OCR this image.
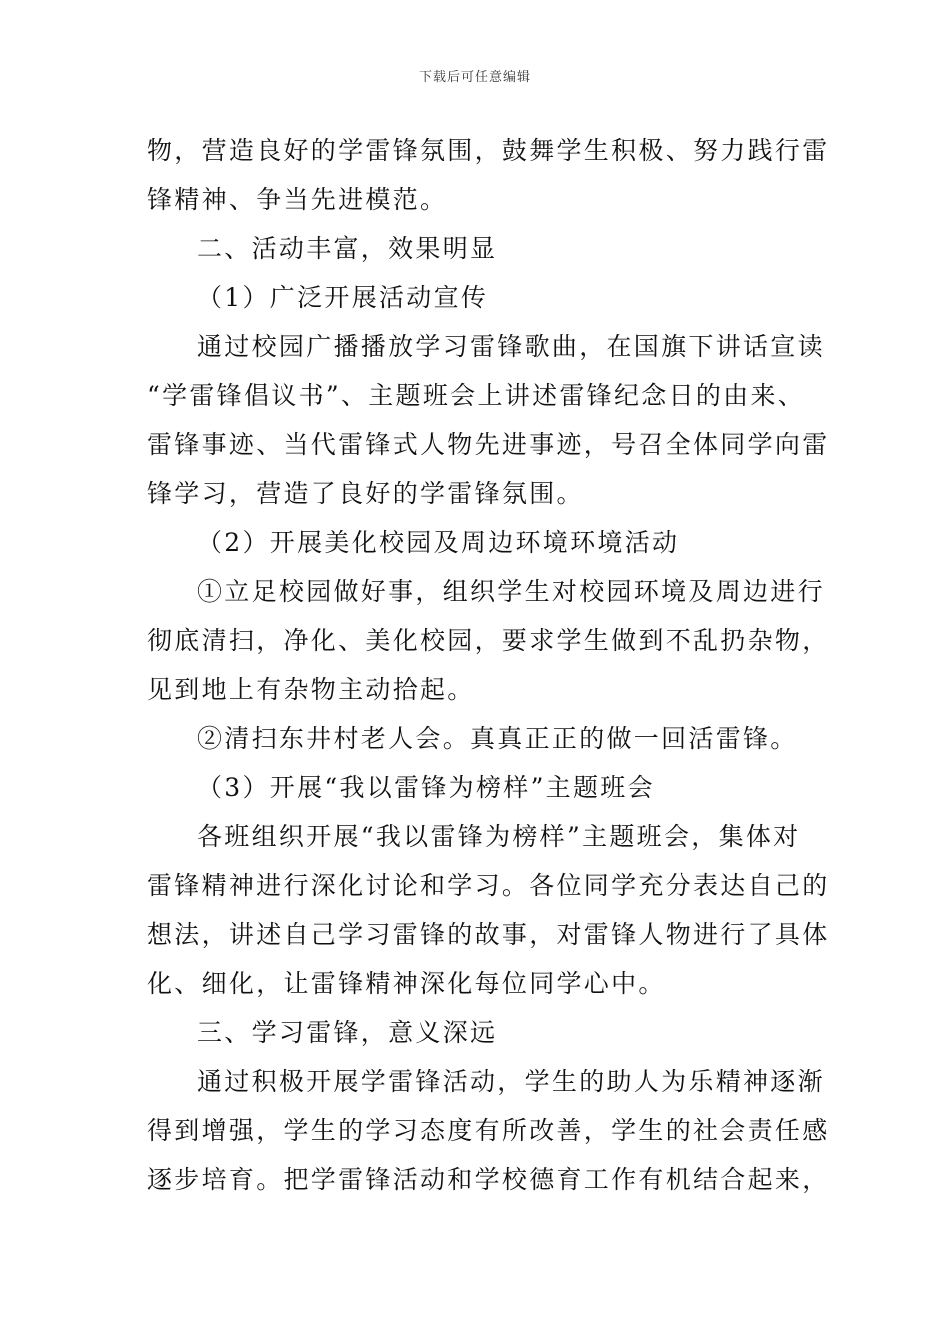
下载后可任意编辑

物，营造良好的学雷锋氛围，鼓舞学生积极、努力践行雷

锋精神、争当先进模范。

二、活动丰富，效果明显

（1）广泛开展活动宣传

通过校园广播播放学习雷锋歌曲，在国旗下讲话宣读

“学雷锋倡议书”、主题班会上讲述雷锋纪念日的由来、

雷锋事迹、当代雷锋式人物先进事迹，号召全体同学向雷

锋学习，营造了良好的学雷锋氛围。

（2）开展美化校园及周边环境环境活动

①立足校园做好事，组织学生对校园环境及周边进行

彻底清扫，净化、美化校园，要求学生做到不乱扔杂物，

见到地上有杂物主动拾起。

②清扫东井村老人会。真真正正的做一回活雷锋。

（3）开展“我以雷锋为榜样”主题班会

各班组织开展“我以雷锋为榜样”主题班会，集体对

雷锋精神进行深化讨论和学习。各位同学充分表达自己的

想法，讲述自己学习雷锋的故事，对雷锋人物进行了具体

化、细化，让雷锋精神深化每位同学心中。

三、学习雷锋，意义深远

通过积极开展学雷锋活动，学生的助人为乐精神逐渐

得到增强，学生的学习态度有所改善，学生的社会责任感

逐步培育。把学雷锋活动和学校德育工作有机结合起来，
